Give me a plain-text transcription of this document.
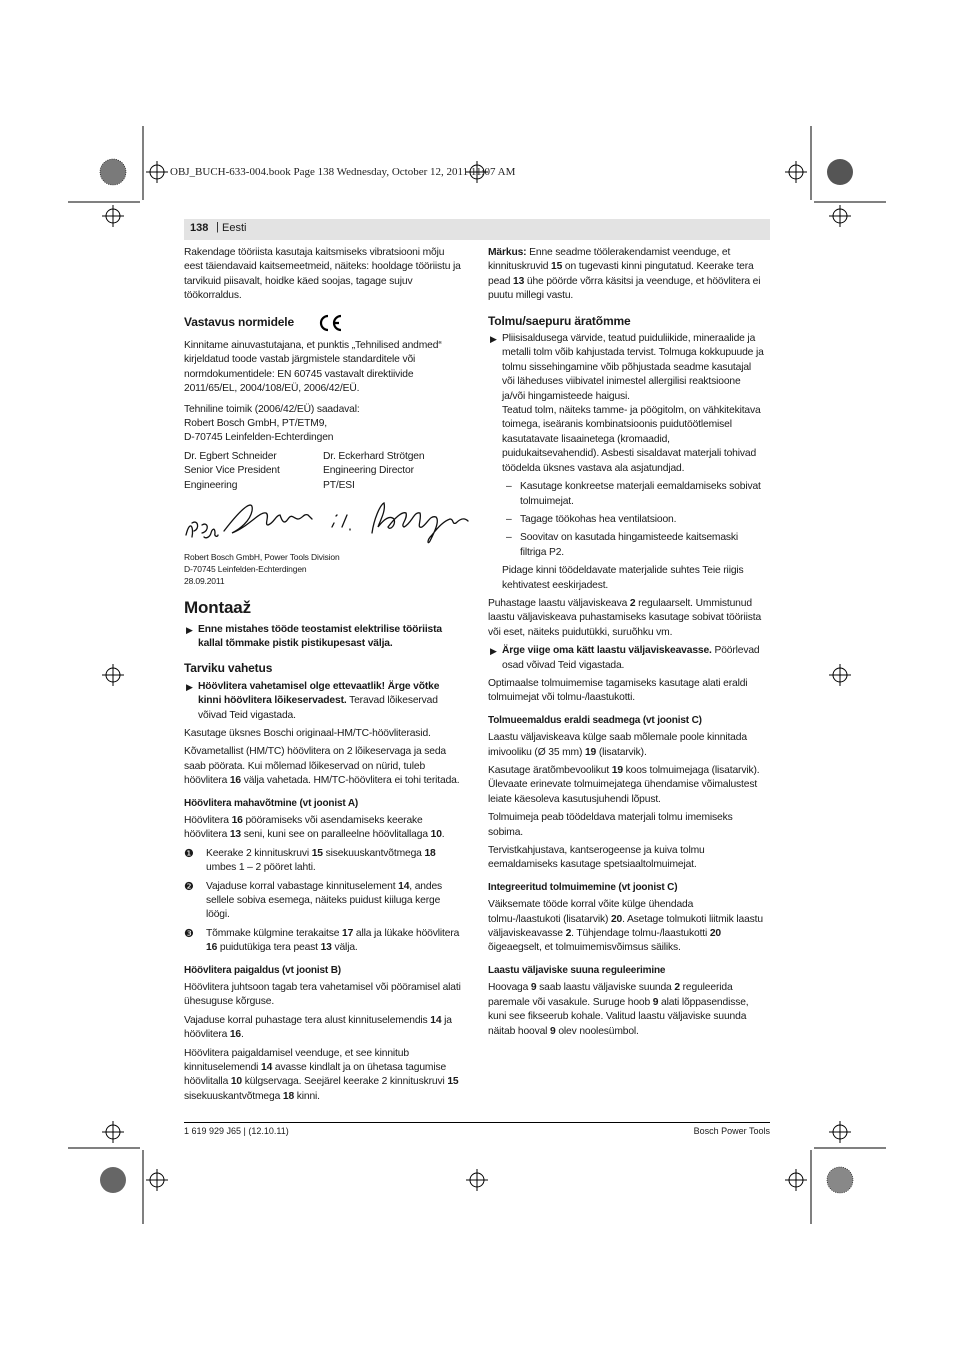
OBJ_BUCH-633-004.book Page 138 Wednesday, October 12, 2011 11:07 AM
138 | Eesti

Rakendage tööriista kasutaja kaitsmiseks vibratsiooni mõju eest täiendavaid kaitsemeetmeid, näiteks: hooldage tööriistu ja tarvikuid piisavalt, hoidke käed soojas, tagage sujuv töökorraldus.

Vastavus normidele

Kinnitame ainuvastutajana, et punktis „Tehnilised andmed“ kirjeldatud toode vastab järgmistele standarditele või normdokumentidele: EN 60745 vastavalt direktiivide 2011/65/EL, 2004/108/EÜ, 2006/42/EÜ.

Tehniline toimik (2006/42/EÜ) saadaval:
Robert Bosch GmbH, PT/ETM9,
D-70745 Leinfelden-Echterdingen

Dr. Egbert Schneider
Senior Vice President
Engineering
Dr. Eckerhard Strötgen
Engineering Director
PT/ESI

Robert Bosch GmbH, Power Tools Division
D-70745 Leinfelden-Echterdingen
28.09.2011

Montaaž

▶ Enne mistahes tööde teostamist elektrilise tööriista kallal tõmmake pistik pistikupesast välja.

Tarviku vahetus

▶ Höövlitera vahetamisel olge ettevaatlik! Ärge võtke kinni höövlitera lõikeservadest. Teravad lõikeservad võivad Teid vigastada.

Kasutage üksnes Boschi originaal-HM/TC-höövliterasid.

Kõvametallist (HM/TC) höövlitera on 2 lõikeservaga ja seda saab pöörata. Kui mõlemad lõikeservad on nürid, tuleb höövlitera 16 välja vahetada. HM/TC-höövlitera ei tohi teritada.

Höövlitera mahavõtmine (vt joonist A)

Höövlitera 16 pööramiseks või asendamiseks keerake höövlitera 13 seni, kuni see on paralleelne höövlitallaga 10.

❶ Keerake 2 kinnituskruvi 15 sisekuuskantvõtmega 18 umbes 1 – 2 pööret lahti.

❷ Vajaduse korral vabastage kinnituselement 14, andes sellele sobiva esemega, näiteks puidust kiiluga kerge löögi.

❸ Tõmmake külgmine terakaitse 17 alla ja lükake höövlitera 16 puidutükiga tera peast 13 välja.

Höövlitera paigaldus (vt joonist B)

Höövlitera juhtsoon tagab tera vahetamisel või pööramisel alati ühesuguse kõrguse.

Vajaduse korral puhastage tera alust kinnituselemendis 14 ja höövlitera 16.

Höövlitera paigaldamisel veenduge, et see kinnitub kinnituselemendi 14 avasse kindlalt ja on ühetasa tagumise höövlitalla 10 külgservaga. Seejärel keerake 2 kinnituskruvi 15 sisekuuskantvõtmega 18 kinni.

Märkus: Enne seadme töölerakendamist veenduge, et kinnituskruvid 15 on tugevasti kinni pingutatud. Keerake tera pead 13 ühe pöörde võrra käsitsi ja veenduge, et höövlitera ei puutu millegi vastu.

Tolmu/saepuru äratõmme

▶ Pliisisaldusega värvide, teatud puiduliikide, mineraalide ja metalli tolm võib kahjustada tervist. Tolmuga kokkupuude ja tolmu sissehingamine võib põhjustada seadme kasutajal või läheduses viibivatel inimestel allergilisi reaktsioone ja/või hingamisteede haigusi.

Teatud tolm, näiteks tamme- ja pöögitolm, on vähkitekitava toimega, iseäranis kombinatsioonis puidutöötlemisel kasutatavate lisaainetega (kromaadid, puidukaitsevahendid). Asbesti sisaldavat materjali tohivad töödelda üksnes vastava ala asjatundjad.

– Kasutage konkreetse materjali eemaldamiseks sobivat tolmuimejat.

– Tagage töökohas hea ventilatsioon.

– Soovitav on kasutada hingamisteede kaitsemaski filtriga P2.

Pidage kinni töödeldavate materjalide suhtes Teie riigis kehtivatest eeskirjadest.

Puhastage laastu väljaviskeava 2 regulaarselt. Ummistunud laastu väljaviskeava puhastamiseks kasutage sobivat tööriista või eset, näiteks puidutükki, suruõhku vm.

▶ Ärge viige oma kätt laastu väljaviskeavasse. Pöörlevad osad võivad Teid vigastada.

Optimaalse tolmuimemise tagamiseks kasutage alati eraldi tolmuimejat või tolmu-/laastukotti.

Tolmueemaldus eraldi seadmega (vt joonist C)

Laastu väljaviskeava külge saab mõlemale poole kinnitada imivooliku (Ø 35 mm) 19 (lisatarvik).

Kasutage äratõmbevoolikut 19 koos tolmuimejaga (lisatarvik). Ülevaate erinevate tolmuimejatega ühendamise võimalustest leiate käesoleva kasutusjuhendi lõpust.

Tolmuimeja peab töödeldava materjali tolmu imemiseks sobima.

Tervistkahjustava, kantserogeense ja kuiva tolmu eemaldamiseks kasutage spetsiaaltolmuimejat.

Integreeritud tolmuimemine (vt joonist C)

Väiksemate tööde korral võite külge ühendada tolmu-/laastukoti (lisatarvik) 20. Asetage tolmukoti liitmik laastu väljaviskeavasse 2. Tühjendage tolmu-/laastukotti 20 õigeaegselt, et tolmuimemisvõimsus säiliks.

Laastu väljaviske suuna reguleerimine

Hoovaga 9 saab laastu väljaviske suunda 2 reguleerida paremale või vasakule. Suruge hoob 9 alati lõppasendisse, kuni see fikseerub kohale. Valitud laastu väljaviske suunda näitab hooval 9 olev noolesümbol.

1 619 929 J65 | (12.10.11)	Bosch Power Tools
